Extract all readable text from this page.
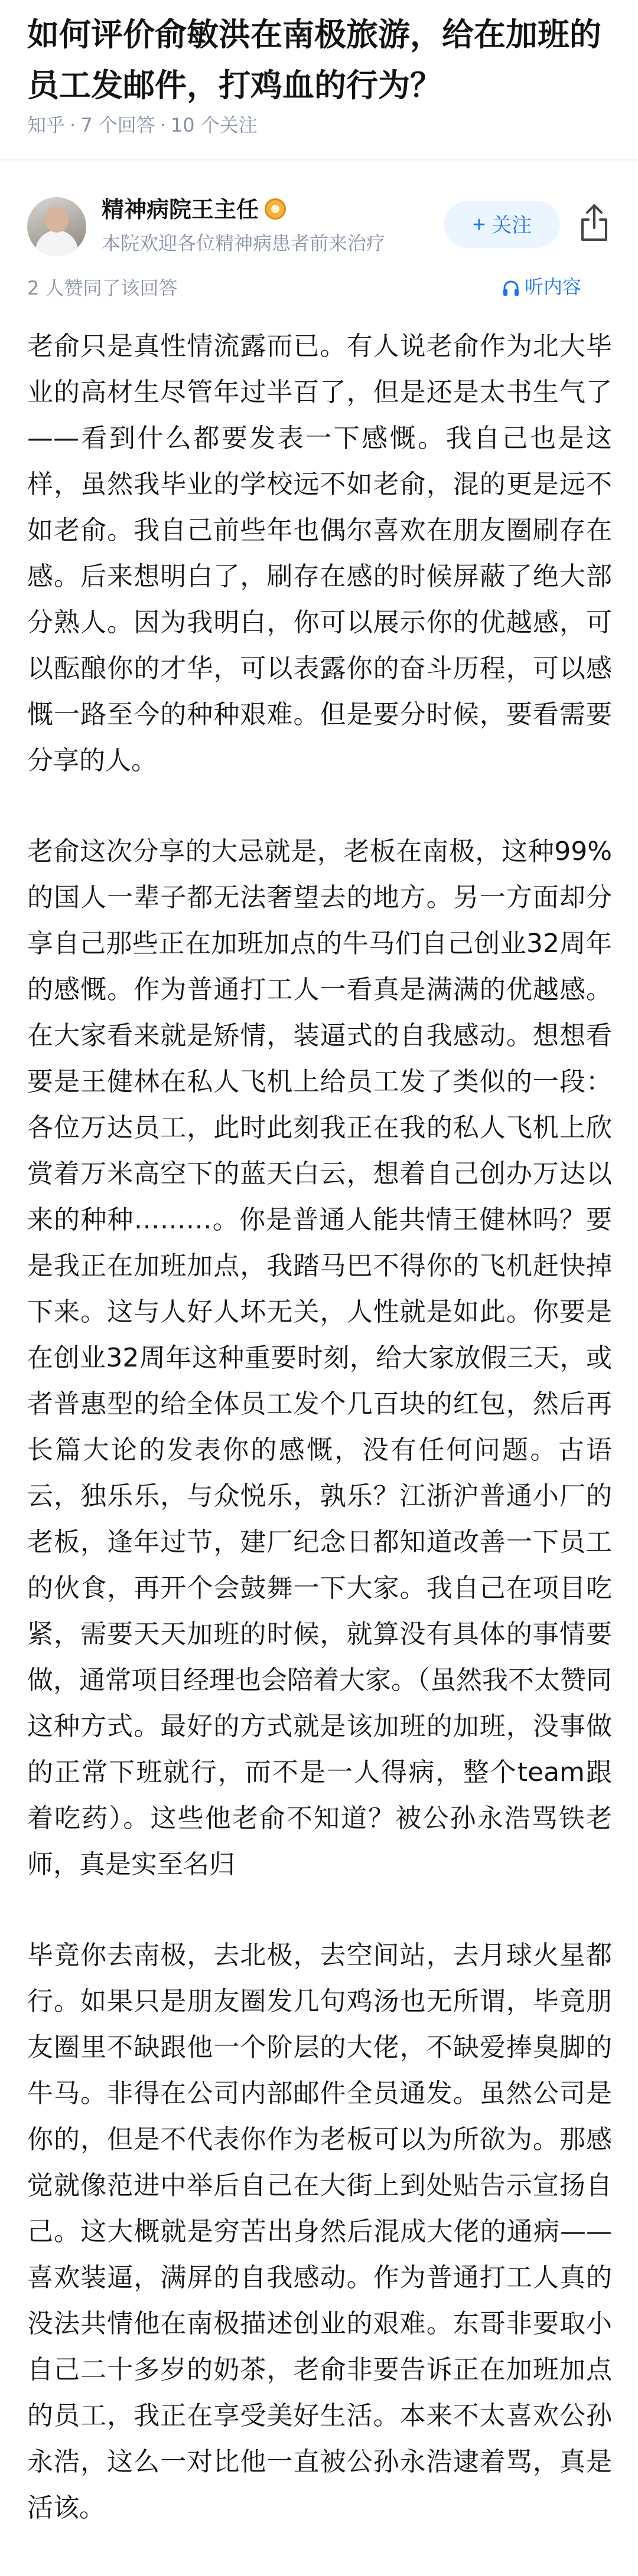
如何评价俞敏洪在南极旅游，给在加班的员工发邮件，打鸡血的行为？
知乎 · 7 个回答 · 10 个关注
精神病院王主任
本院欢迎各位精神病患者前来治疗
+ 关注
2 人赞同了该回答	听内容

老俞只是真性情流露而已。有人说老俞作为北大毕业的高材生尽管年过半百了，但是还是太书生气了——看到什么都要发表一下感慨。我自己也是这样，虽然我毕业的学校远不如老俞，混的更是远不如老俞。我自己前些年也偶尔喜欢在朋友圈刷存在感。后来想明白了，刷存在感的时候屏蔽了绝大部分熟人。因为我明白，你可以展示你的优越感，可以酝酿你的才华，可以表露你的奋斗历程，可以感慨一路至今的种种艰难。但是要分时候，要看需要分享的人。

老俞这次分享的大忌就是，老板在南极，这种99%的国人一辈子都无法奢望去的地方。另一方面却分享自己那些正在加班加点的牛马们自己创业32周年的感慨。作为普通打工人一看真是满满的优越感。在大家看来就是矫情，装逼式的自我感动。想想看要是王健林在私人飞机上给员工发了类似的一段：各位万达员工，此时此刻我正在我的私人飞机上欣赏着万米高空下的蓝天白云，想着自己创办万达以来的种种………。你是普通人能共情王健林吗？要是我正在加班加点，我踏马巴不得你的飞机赶快掉下来。这与人好人坏无关，人性就是如此。你要是在创业32周年这种重要时刻，给大家放假三天，或者普惠型的给全体员工发个几百块的红包，然后再长篇大论的发表你的感慨，没有任何问题。古语云，独乐乐，与众悦乐，孰乐？江浙沪普通小厂的老板，逢年过节，建厂纪念日都知道改善一下员工的伙食，再开个会鼓舞一下大家。我自己在项目吃紧，需要天天加班的时候，就算没有具体的事情要做，通常项目经理也会陪着大家。（虽然我不太赞同这种方式。最好的方式就是该加班的加班，没事做的正常下班就行，而不是一人得病，整个team跟着吃药）。这些他老俞不知道？被公孙永浩骂铁老师，真是实至名归

毕竟你去南极，去北极，去空间站，去月球火星都行。如果只是朋友圈发几句鸡汤也无所谓，毕竟朋友圈里不缺跟他一个阶层的大佬，不缺爱捧臭脚的牛马。非得在公司内部邮件全员通发。虽然公司是你的，但是不代表你作为老板可以为所欲为。那感觉就像范进中举后自己在大街上到处贴告示宣扬自己。这大概就是穷苦出身然后混成大佬的通病——喜欢装逼，满屏的自我感动。作为普通打工人真的没法共情他在南极描述创业的艰难。东哥非要取小自己二十多岁的奶茶，老俞非要告诉正在加班加点的员工，我正在享受美好生活。本来不太喜欢公孙永浩，这么一对比他一直被公孙永浩逮着骂，真是活该。
